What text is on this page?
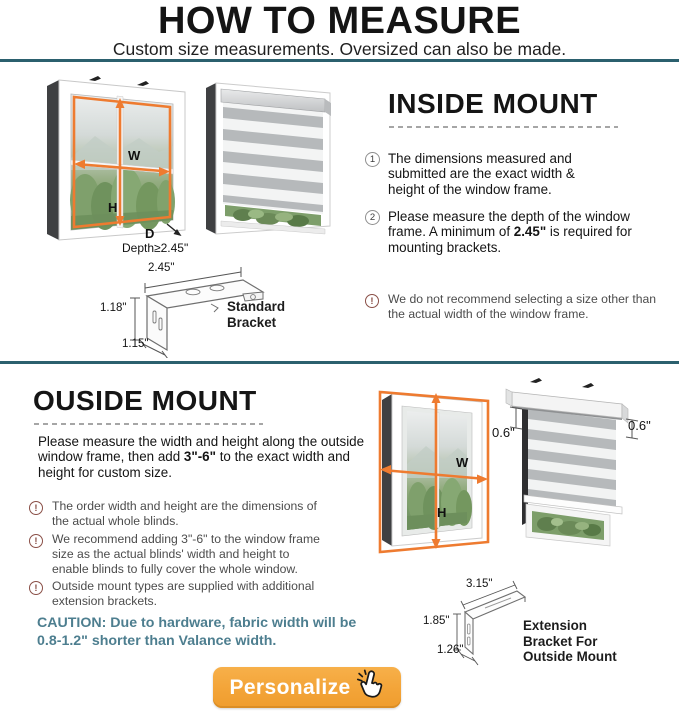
HOW TO MEASURE
Custom size measurements. Oversized can also be made.
W
H
D
Depth≥2.45"
2.45"
1.18"
1.15"
Standard Bracket
INSIDE MOUNT
1 The dimensions measured and submitted are the exact width & height of the window frame.
2 Please measure the depth of the window frame. A minimum of 2.45" is required for mounting brackets.
!
We do not recommend selecting a size other than the actual width of the window frame.
OUSIDE MOUNT
Please measure the width and height along the outside window frame, then add 3"-6" to the exact width and height for custom size.
!
The order width and height are the dimensions of the actual whole blinds.
!
We recommend adding 3"-6" to the window frame size as the actual blinds' width and height to enable blinds to fully cover the whole window.
!
Outside mount types are supplied with additional extension brackets.
CAUTION: Due to hardware, fabric width will be
0.8-1.2" shorter than Valance width.
W
H
0.6"	0.6"
3.15"
1.85"
1.26"
Extension Bracket For Outside Mount
Personalize
